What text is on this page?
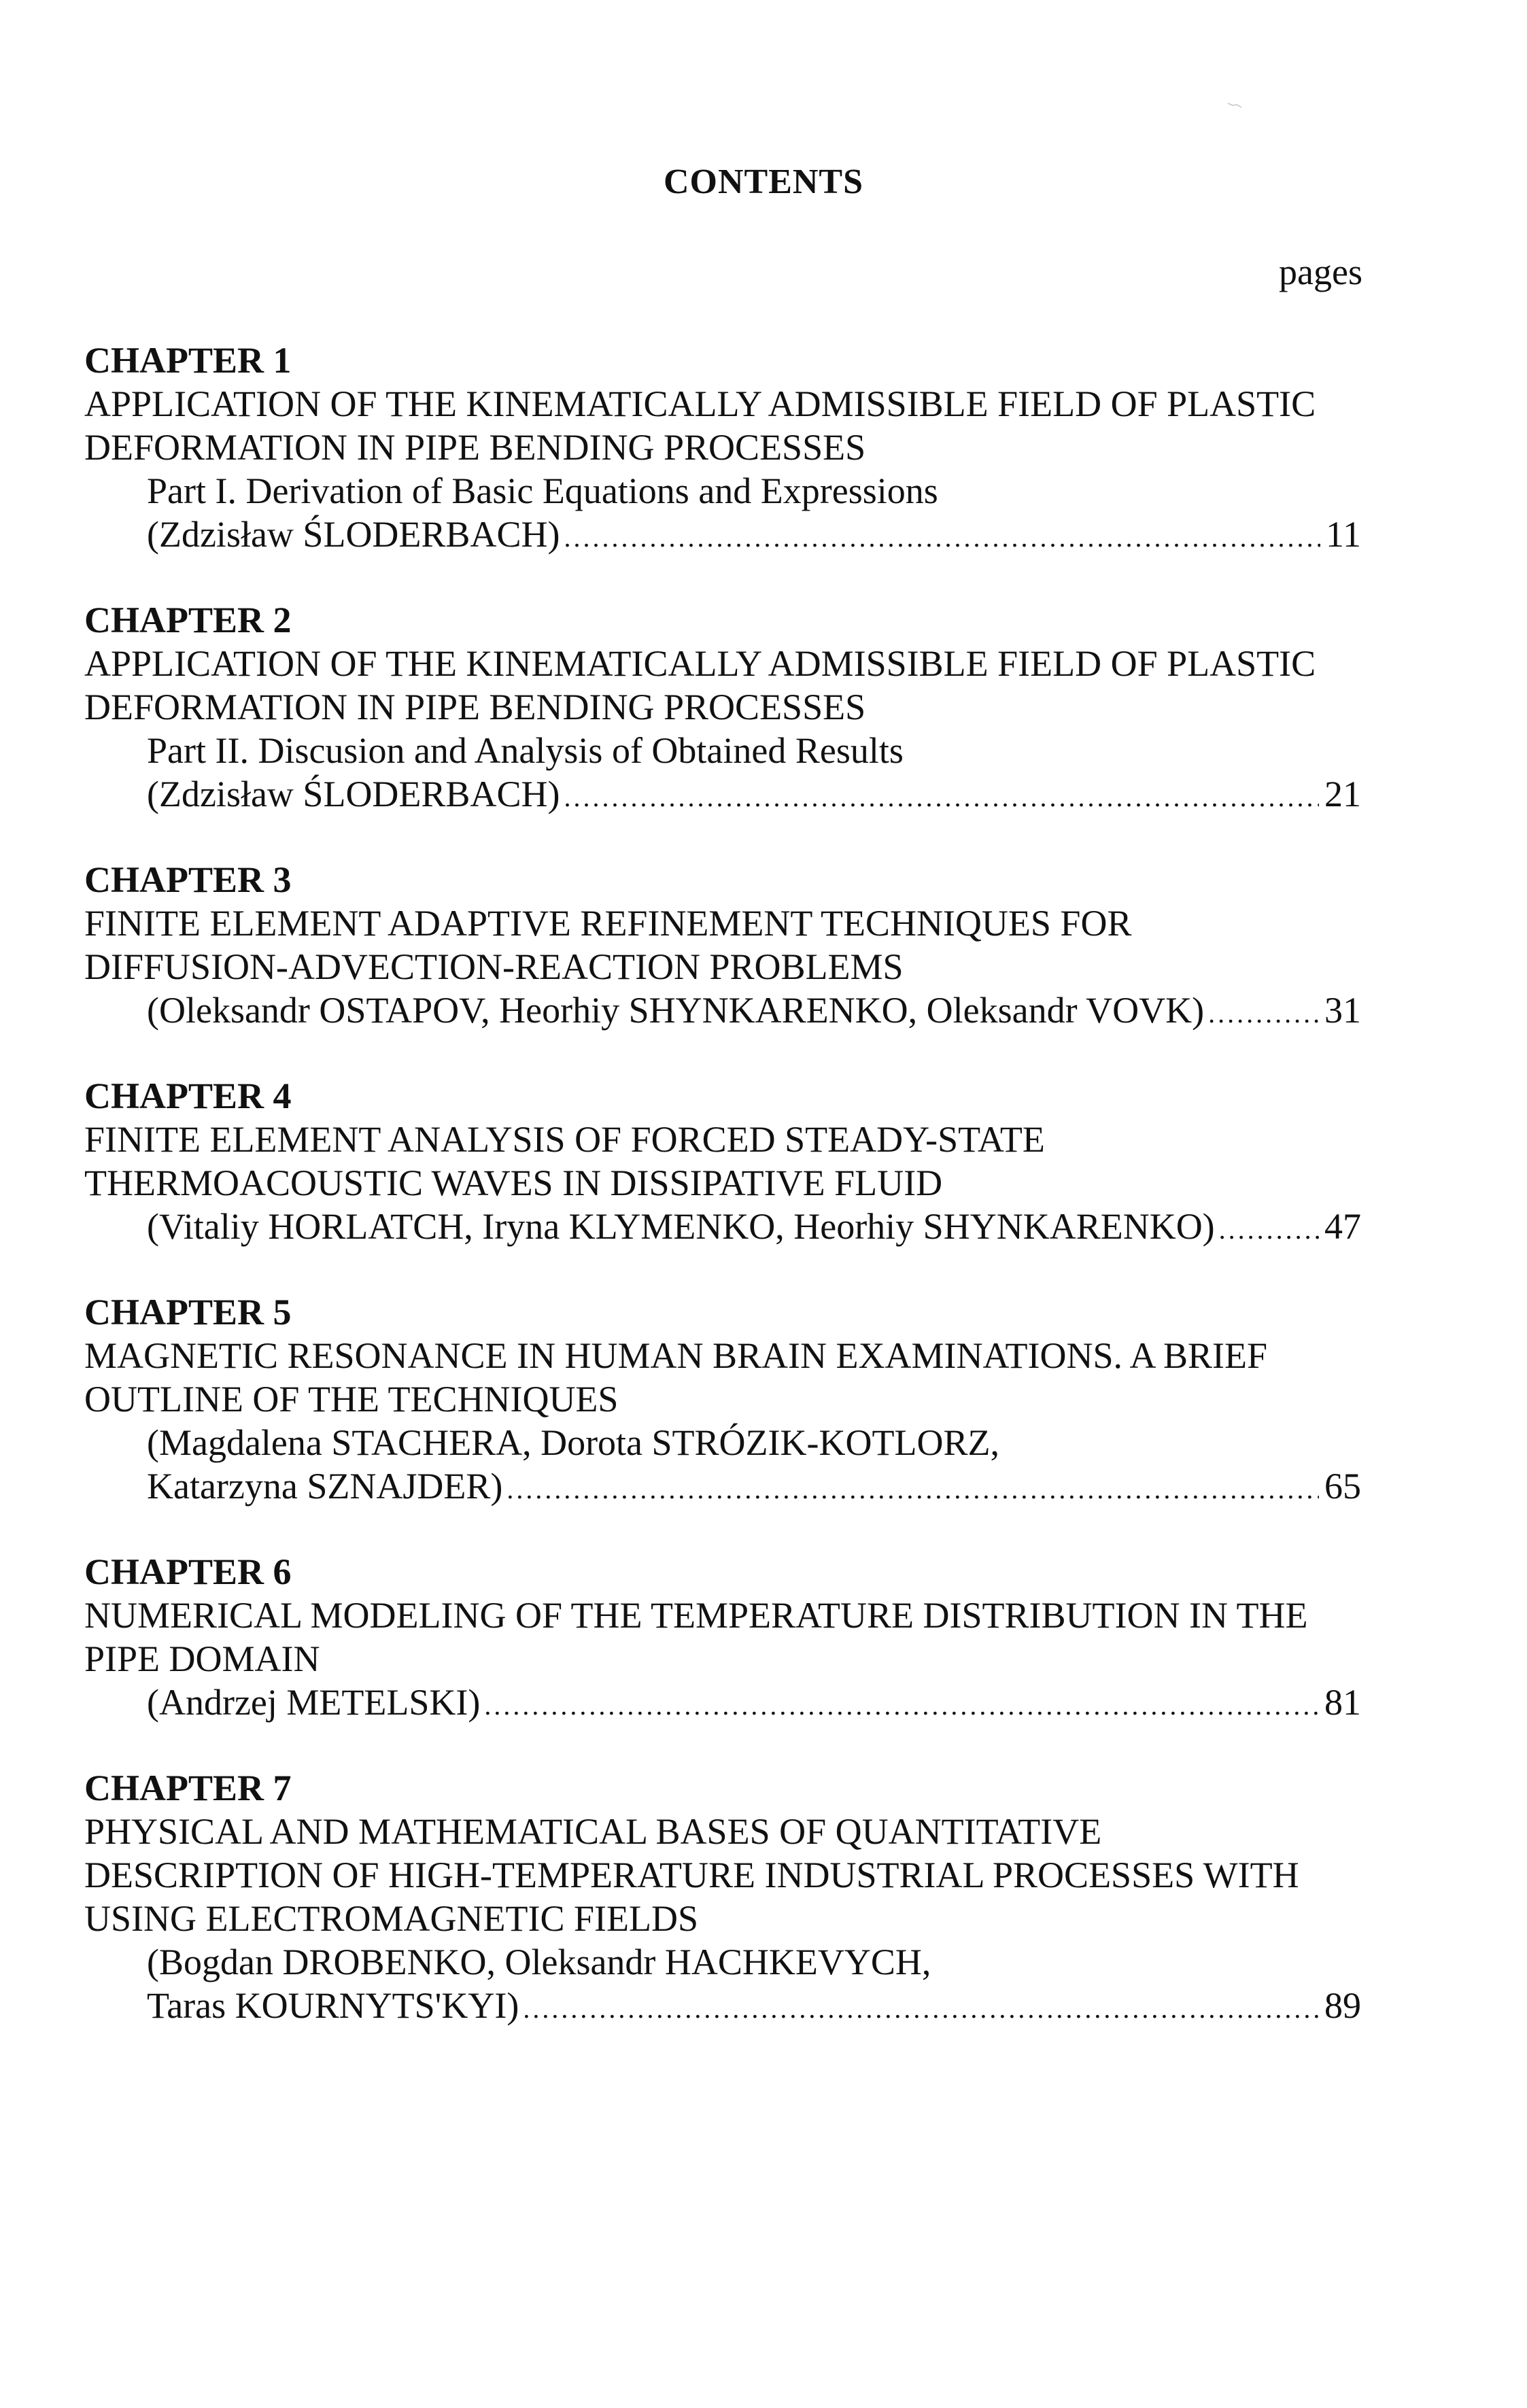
CONTENTS
pages
CHAPTER 1
APPLICATION OF THE KINEMATICALLY ADMISSIBLE FIELD OF PLASTIC
DEFORMATION IN PIPE BENDING PROCESSES
Part I. Derivation of Basic Equations and Expressions
(Zdzisław ŚLODERBACH) .....	11
CHAPTER 2
APPLICATION OF THE KINEMATICALLY ADMISSIBLE FIELD OF PLASTIC
DEFORMATION IN PIPE BENDING PROCESSES
Part II. Discusion and Analysis of Obtained Results
(Zdzisław ŚLODERBACH) .....	21
CHAPTER 3
FINITE ELEMENT ADAPTIVE REFINEMENT TECHNIQUES FOR
DIFFUSION-ADVECTION-REACTION PROBLEMS
(Oleksandr OSTAPOV, Heorhiy SHYNKARENKO, Oleksandr VOVK) .....	31
CHAPTER 4
FINITE ELEMENT ANALYSIS OF FORCED STEADY-STATE
THERMOACOUSTIC WAVES IN DISSIPATIVE FLUID
(Vitaliy HORLATCH, Iryna KLYMENKO, Heorhiy SHYNKARENKO) .....	47
CHAPTER 5
MAGNETIC RESONANCE IN HUMAN BRAIN EXAMINATIONS. A BRIEF
OUTLINE OF THE TECHNIQUES
(Magdalena STACHERA, Dorota STRÓZIK-KOTLORZ,
Katarzyna SZNAJDER) .....	65
CHAPTER 6
NUMERICAL MODELING OF THE TEMPERATURE DISTRIBUTION IN THE
PIPE DOMAIN
(Andrzej METELSKI) .....	81
CHAPTER 7
PHYSICAL AND MATHEMATICAL BASES OF QUANTITATIVE
DESCRIPTION OF HIGH-TEMPERATURE INDUSTRIAL PROCESSES WITH
USING ELECTROMAGNETIC FIELDS
(Bogdan DROBENKO, Oleksandr HACHKEVYCH,
Taras KOURNYTS'KYI) .....	89
